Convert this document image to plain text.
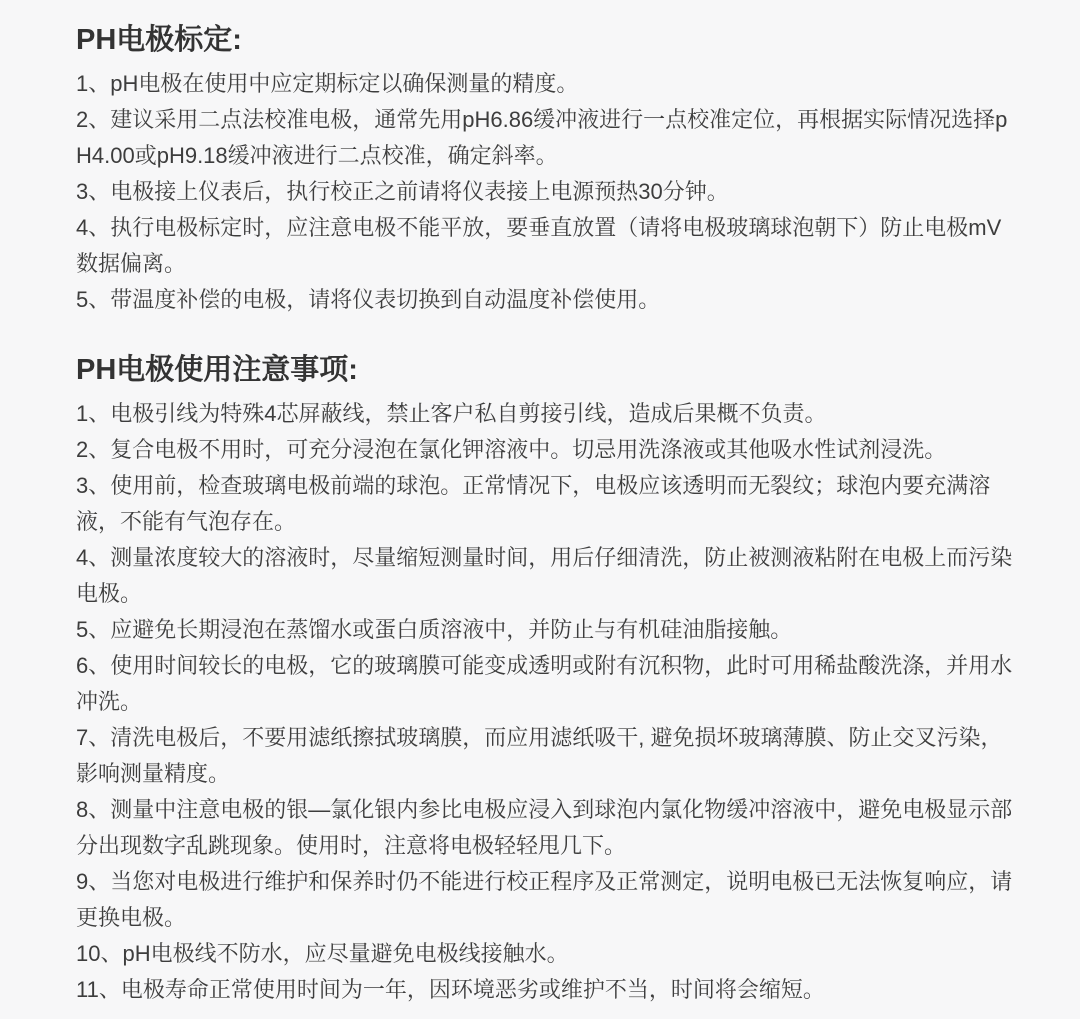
PH电极标定:

1、pH电极在使用中应定期标定以确保测量的精度。

2、建议采用二点法校准电极，通常先用pH6.86缓冲液进行一点校准定位，再根据实际情况选择pH4.00或pH9.18缓冲液进行二点校准，确定斜率。

3、电极接上仪表后，执行校正之前请将仪表接上电源预热30分钟。

4、执行电极标定时，应注意电极不能平放，要垂直放置（请将电极玻璃球泡朝下）防止电极mV数据偏离。

5、带温度补偿的电极，请将仪表切换到自动温度补偿使用。

PH电极使用注意事项:

1、电极引线为特殊4芯屏蔽线，禁止客户私自剪接引线，造成后果概不负责。

2、复合电极不用时，可充分浸泡在氯化钾溶液中。切忌用洗涤液或其他吸水性试剂浸洗。

3、使用前，检查玻璃电极前端的球泡。正常情况下，电极应该透明而无裂纹；球泡内要充满溶液，不能有气泡存在。

4、测量浓度较大的溶液时，尽量缩短测量时间，用后仔细清洗，防止被测液粘附在电极上而污染电极。

5、应避免长期浸泡在蒸馏水或蛋白质溶液中，并防止与有机硅油脂接触。

6、使用时间较长的电极，它的玻璃膜可能变成透明或附有沉积物，此时可用稀盐酸洗涤，并用水冲洗。

7、清洗电极后，不要用滤纸擦拭玻璃膜，而应用滤纸吸干, 避免损坏玻璃薄膜、防止交叉污染，影响测量精度。

8、测量中注意电极的银—氯化银内参比电极应浸入到球泡内氯化物缓冲溶液中，避免电极显示部分出现数字乱跳现象。使用时，注意将电极轻轻甩几下。

9、当您对电极进行维护和保养时仍不能进行校正程序及正常测定，说明电极已无法恢复响应，请更换电极。

10、pH电极线不防水，应尽量避免电极线接触水。

11、电极寿命正常使用时间为一年，因环境恶劣或维护不当，时间将会缩短。
